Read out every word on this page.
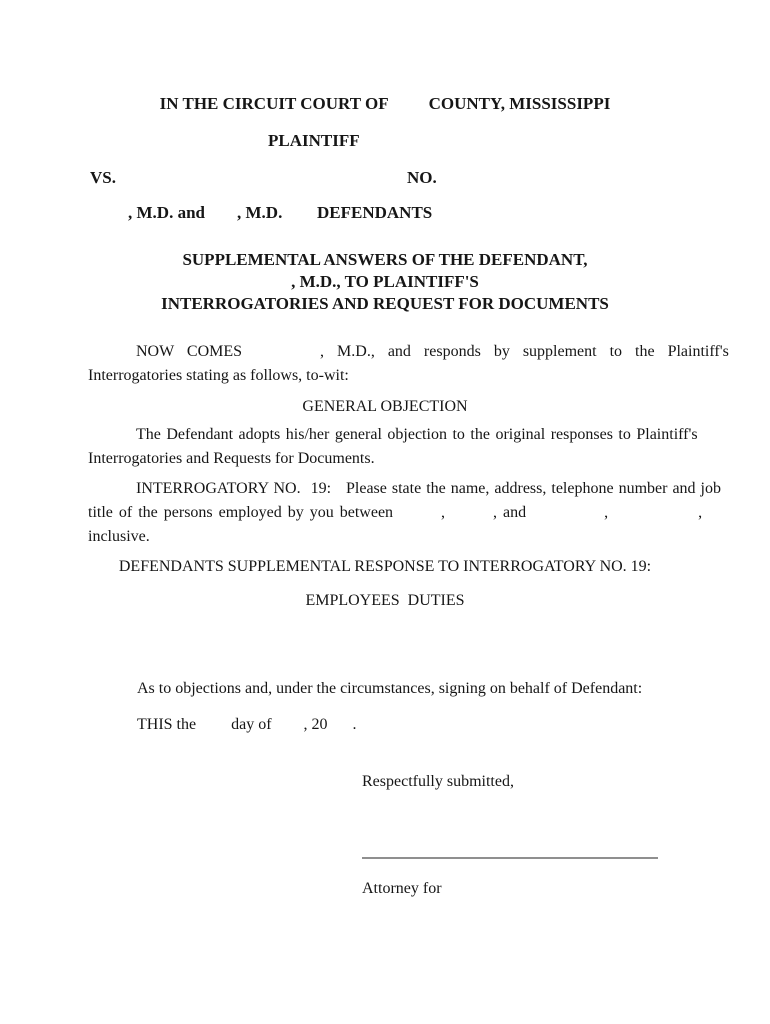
IN THE CIRCUIT COURT OF COUNTY, MISSISSIPPI
PLAINTIFF
VS.	NO.
, M.D. and , M.D. DEFENDANTS
SUPPLEMENTAL ANSWERS OF THE DEFENDANT,
, M.D., TO PLAINTIFF'S
INTERROGATORIES AND REQUEST FOR DOCUMENTS
NOW COMES      , M.D., and responds by supplement to the Plaintiff's
Interrogatories stating as follows, to-wit:
GENERAL OBJECTION
The Defendant adopts his/her general objection to the original responses to Plaintiff's
Interrogatories and Requests for Documents.
INTERROGATORY NO.  19:   Please state the name, address, telephone number and job
title of the persons employed by you between        ,        , and             ,               ,
inclusive.
DEFENDANTS SUPPLEMENTAL RESPONSE TO INTERROGATORY NO. 19:
EMPLOYEES DUTIES
As to objections and, under the circumstances, signing on behalf of Defendant:
THIS the day of , 20 .
Respectfully submitted,
Attorney for
